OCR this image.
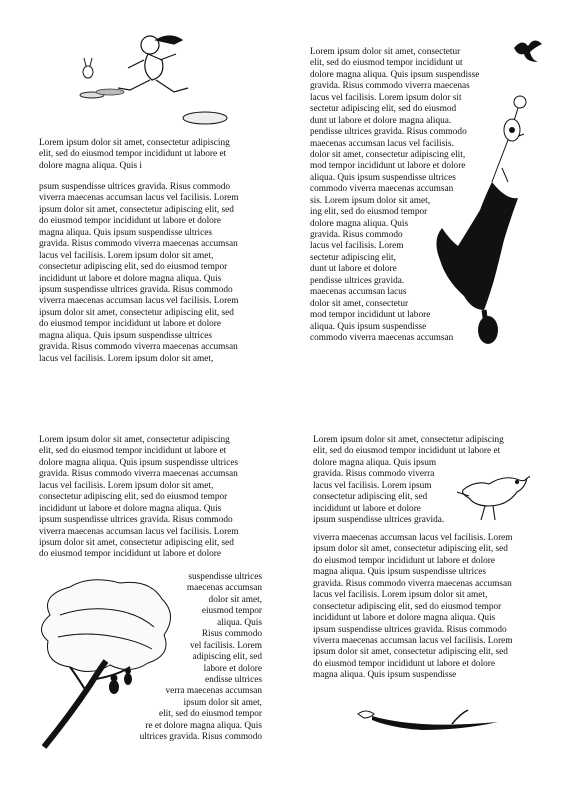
Lorem ipsum dolor sit amet, consectetur adipiscing
elit, sed do eiusmod tempor incididunt ut labore et
dolore magna aliqua. Quis i
psum suspendisse ultrices gravida. Risus commodo
viverra maecenas accumsan lacus vel facilisis. Lorem
ipsum dolor sit amet, consectetur adipiscing elit, sed
do eiusmod tempor incididunt ut labore et dolore
magna aliqua. Quis ipsum suspendisse ultrices
gravida. Risus commodo viverra maecenas accumsan
lacus vel facilisis. Lorem ipsum dolor sit amet,
consectetur adipiscing elit, sed do eiusmod tempor
incididunt ut labore et dolore magna aliqua. Quis
ipsum suspendisse ultrices gravida. Risus commodo
viverra maecenas accumsan lacus vel facilisis. Lorem
ipsum dolor sit amet, consectetur adipiscing elit, sed
do eiusmod tempor incididunt ut labore et dolore
magna aliqua. Quis ipsum suspendisse ultrices
gravida. Risus commodo viverra maecenas accumsan
lacus vel facilisis. Lorem ipsum dolor sit amet,
Lorem ipsum dolor sit amet, consectetur
elit, sed do eiusmod tempor incididunt ut
dolore magna aliqua. Quis ipsum suspendisse
gravida. Risus commodo viverra maecenas
lacus vel facilisis. Lorem ipsum dolor sit
sectetur adipiscing elit, sed do eiusmod
dunt ut labore et dolore magna aliqua.
pendisse ultrices gravida. Risus commodo
maecenas accumsan lacus vel facilisis.
dolor sit amet, consectetur adipiscing elit,
mod tempor incididunt ut labore et dolore
aliqua. Quis ipsum suspendisse ultrices
commodo viverra maecenas accumsan
sis. Lorem ipsum dolor sit amet,
ing elit, sed do eiusmod tempor
dolore magna aliqua. Quis
gravida. Risus commodo
lacus vel facilisis. Lorem
sectetur adipiscing elit,
dunt ut labore et dolore
pendisse ultrices gravida.
maecenas accumsan lacus
dolor sit amet, consectetur
mod tempor incididunt ut labore
aliqua. Quis ipsum suspendisse
commodo viverra maecenas accumsan
Lorem ipsum dolor sit amet, consectetur adipiscing
elit, sed do eiusmod tempor incididunt ut labore et
dolore magna aliqua. Quis ipsum suspendisse ultrices
gravida. Risus commodo viverra maecenas accumsan
lacus vel facilisis. Lorem ipsum dolor sit amet,
consectetur adipiscing elit, sed do eiusmod tempor
incididunt ut labore et dolore magna aliqua. Quis
ipsum suspendisse ultrices gravida. Risus commodo
viverra maecenas accumsan lacus vel facilisis. Lorem
ipsum dolor sit amet, consectetur adipiscing elit, sed
do eiusmod tempor incididunt ut labore et dolore
suspendisse ultrices
maecenas accumsan
dolor sit amet,
eiusmod tempor
aliqua. Quis
Risus commodo
vel facilisis. Lorem
adipiscing elit, sed
labore et dolore
endisse ultrices
verra maecenas accumsan
ipsum dolor sit amet,
elit, sed do eiusmod tempor
re et dolore magna aliqua. Quis
ultrices gravida. Risus commodo
Lorem ipsum dolor sit amet, consectetur adipiscing
elit, sed do eiusmod tempor incididunt ut labore et
dolore magna aliqua. Quis ipsum
gravida. Risus commodo viverra
lacus vel facilisis. Lorem ipsum
consectetur adipiscing elit, sed
incididunt ut labore et dolore
ipsum suspendisse ultrices gravida.
viverra maecenas accumsan lacus vel facilisis. Lorem
ipsum dolor sit amet, consectetur adipiscing elit, sed
do eiusmod tempor incididunt ut labore et dolore
magna aliqua. Quis ipsum suspendisse ultrices
gravida. Risus commodo viverra maecenas accumsan
lacus vel facilisis. Lorem ipsum dolor sit amet,
consectetur adipiscing elit, sed do eiusmod tempor
incididunt ut labore et dolore magna aliqua. Quis
ipsum suspendisse ultrices gravida. Risus commodo
viverra maecenas accumsan lacus vel facilisis. Lorem
ipsum dolor sit amet, consectetur adipiscing elit, sed
do eiusmod tempor incididunt ut labore et dolore
magna aliqua. Quis ipsum suspendisse
